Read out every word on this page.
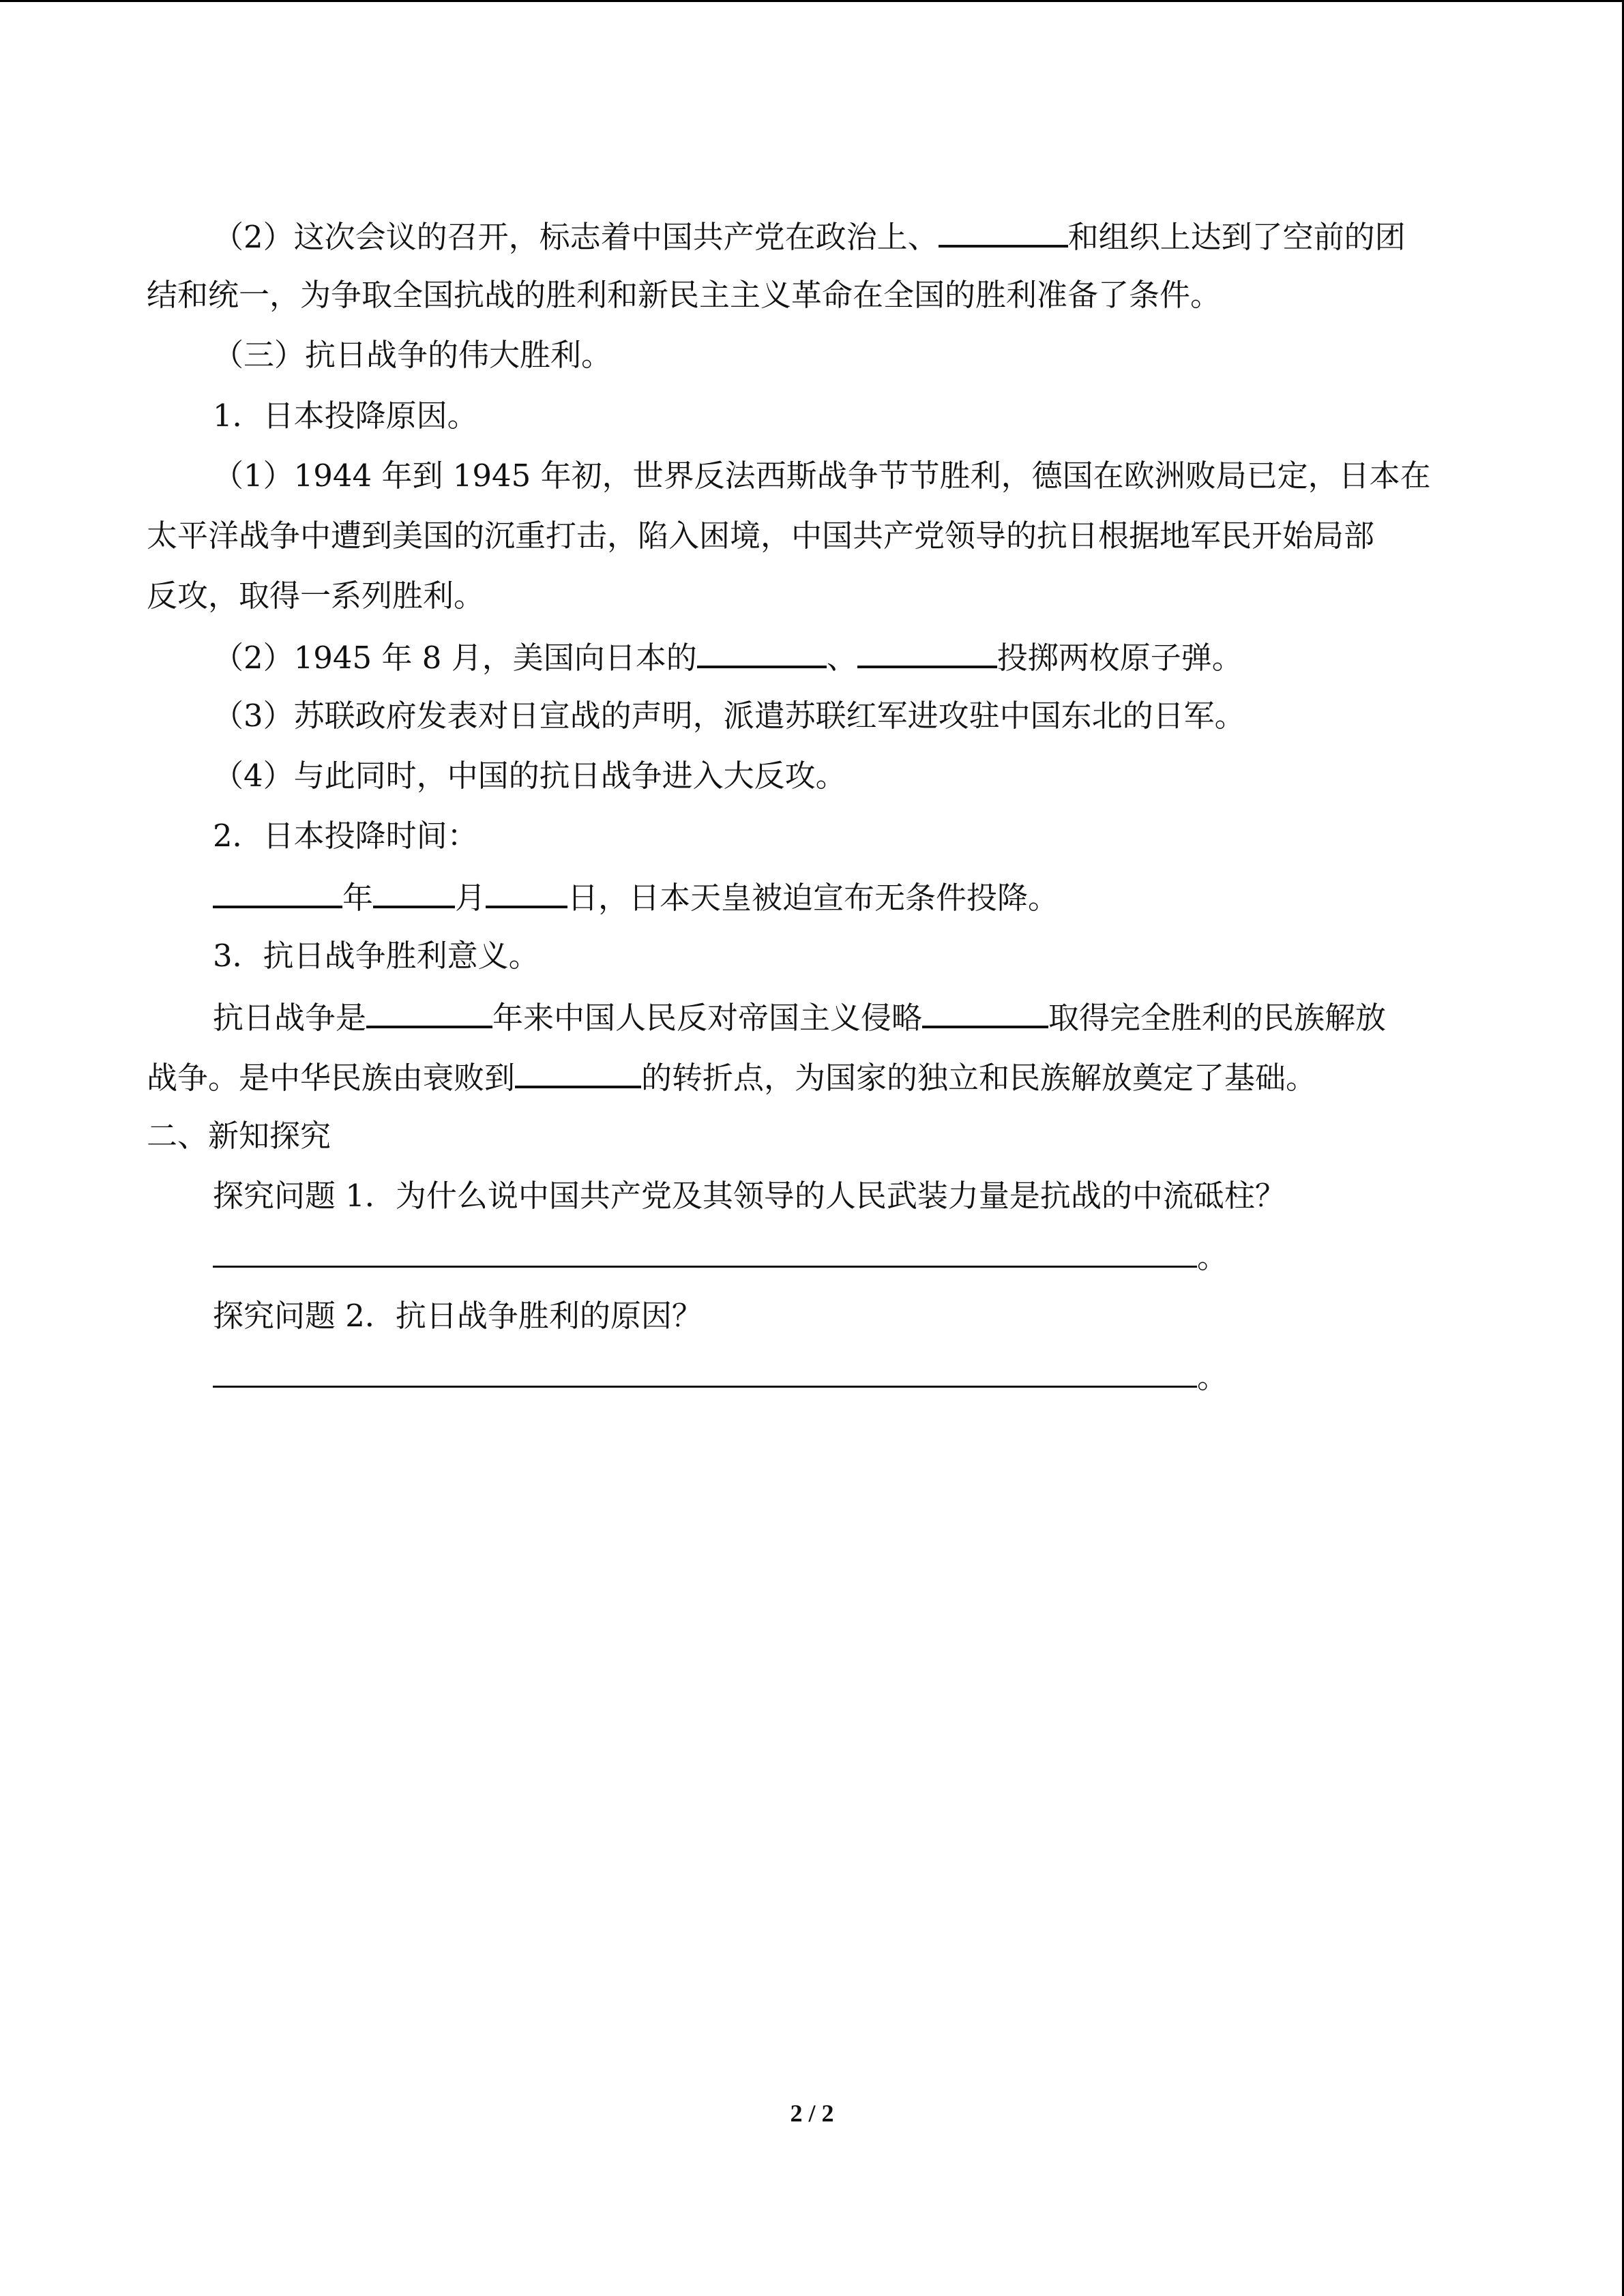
（2）这次会议的召开，标志着中国共产党在政治上、	和组织上达到了空前的团
结和统一，为争取全国抗战的胜利和新民主主义革命在全国的胜利准备了条件。
（三）抗日战争的伟大胜利。
1．日本投降原因。
（1）1944 年到 1945 年初，世界反法西斯战争节节胜利，德国在欧洲败局已定，日本在
太平洋战争中遭到美国的沉重打击，陷入困境，中国共产党领导的抗日根据地军民开始局部
反攻，取得一系列胜利。
（2）1945 年 8 月，美国向日本的	、	投掷两枚原子弹。
（3）苏联政府发表对日宣战的声明，派遣苏联红军进攻驻中国东北的日军。
（4）与此同时，中国的抗日战争进入大反攻。
2．日本投降时间：
年	月	日，日本天皇被迫宣布无条件投降。
3．抗日战争胜利意义。
抗日战争是	年来中国人民反对帝国主义侵略	取得完全胜利的民族解放
战争。是中华民族由衰败到	的转折点，为国家的独立和民族解放奠定了基础。
二、新知探究
探究问题 1．为什么说中国共产党及其领导的人民武装力量是抗战的中流砥柱？
。
探究问题 2．抗日战争胜利的原因？
。
2 / 2
